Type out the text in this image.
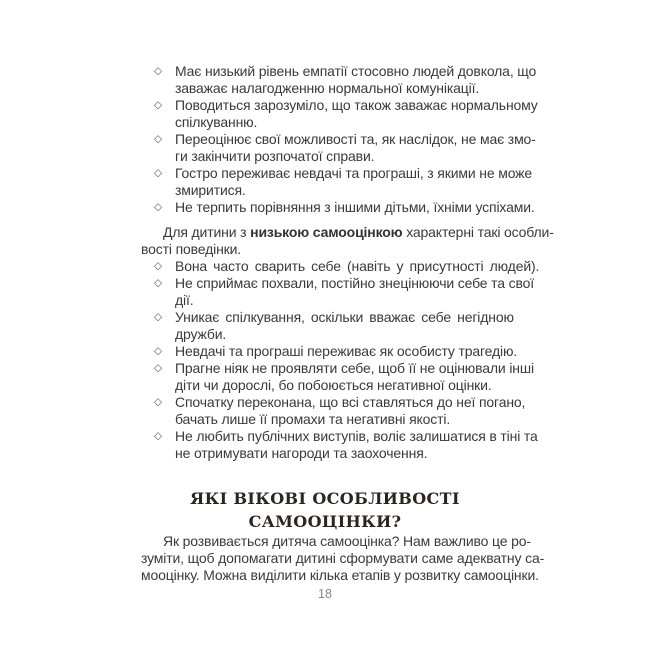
◇ Має низький рівень емпатії стосовно людей довкола, що
заважає налагодженню нормальної комунікації.
◇ Поводиться зарозуміло, що також заважає нормальному
спілкуванню.
◇ Переоцінює свої можливості та, як наслідок, не має змо-
ги закінчити розпочатої справи.
◇ Гостро переживає невдачі та програші, з якими не може
змиритися.
◇ Не терпить порівняння з іншими дітьми, їхніми успіхами.
Для дитини з низькою самооцінкою характерні такі особли-
вості поведінки.
◇ Вона часто сварить себе (навіть у присутності людей).
◇ Не сприймає похвали, постійно знецінюючи себе та свої
дії.
◇ Уникає спілкування, оскільки вважає себе негідною
дружби.
◇ Невдачі та програші переживає як особисту трагедію.
◇ Прагне ніяк не проявляти себе, щоб її не оцінювали інші
діти чи дорослі, бо побоюється негативної оцінки.
◇ Спочатку переконана, що всі ставляться до неї погано,
бачать лише її промахи та негативні якості.
◇ Не любить публічних виступів, воліє залишатися в тіні та
не отримувати нагороди та заохочення.
ЯКІ ВІКОВІ ОСОБЛИВОСТІ
САМООЦІНКИ?
Як розвивається дитяча самооцінка? Нам важливо це ро-
зуміти, щоб допомагати дитині сформувати саме адекватну са-
мооцінку. Можна виділити кілька етапів у розвитку самооцінки.
18
